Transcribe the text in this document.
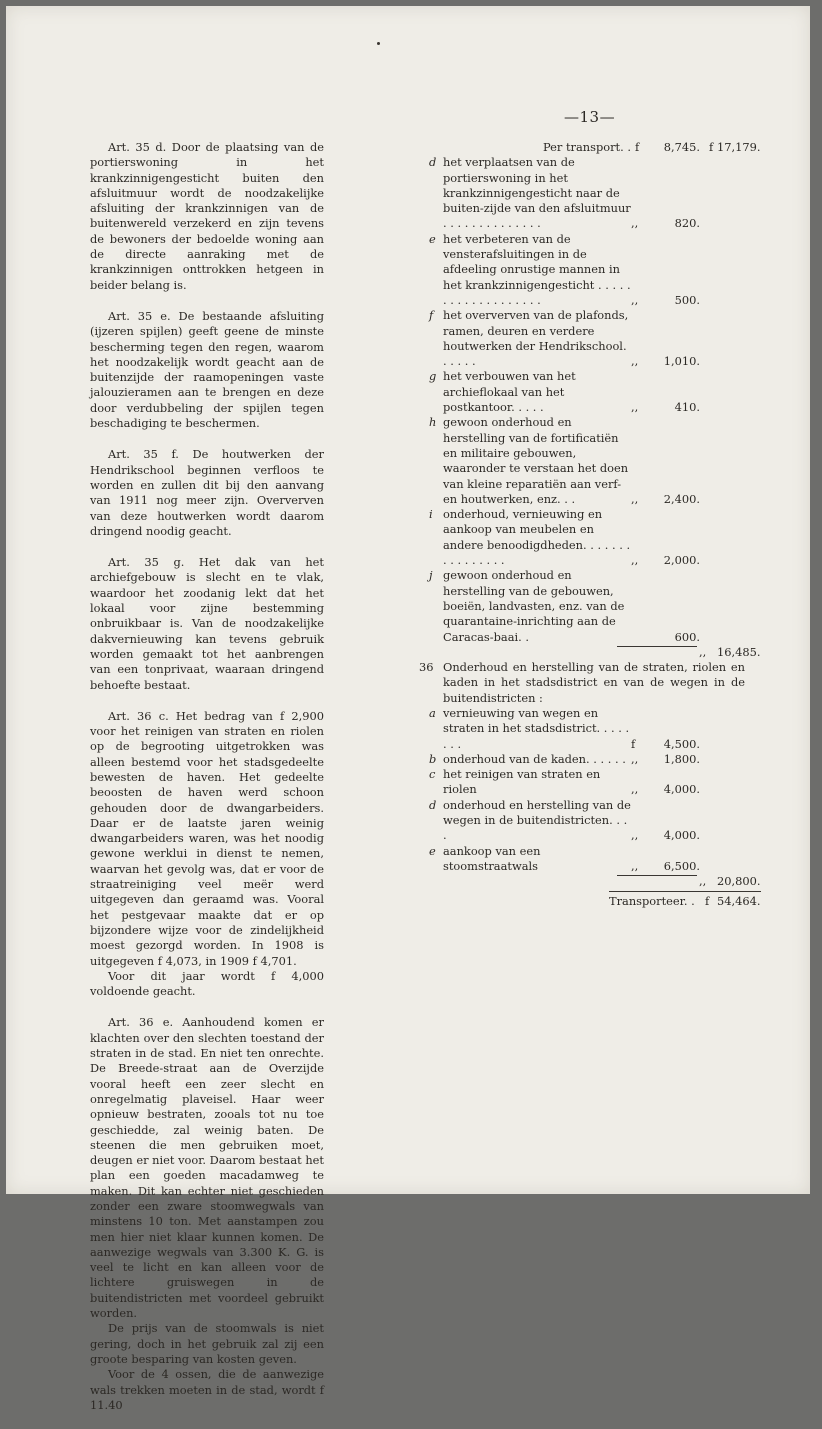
—13—

Art. 35 d. Door de plaatsing van de portierswoning in het krankzinnigengesticht buiten den afsluitmuur wordt de noodzakelijke afsluiting der krankzinnigen van de buitenwereld verzekerd en zijn tevens de bewoners der bedoelde woning aan de directe aanraking met de krankzinnigen onttrokken hetgeen in beider belang is.

Art. 35 e. De bestaande afsluiting (ijzeren spijlen) geeft geene de minste bescherming tegen den regen, waarom het noodzakelijk wordt geacht aan de buitenzijde der raamopeningen vaste jalouzieramen aan te brengen en deze door verdubbeling der spijlen tegen beschadiging te beschermen.

Art. 35 f. De houtwerken der Hendrikschool beginnen verfloos te worden en zullen dit bij den aanvang van 1911 nog meer zijn. Oververven van deze houtwerken wordt daarom dringend noodig geacht.

Art. 35 g. Het dak van het archiefgebouw is slecht en te vlak, waardoor het zoodanig lekt dat het lokaal voor zijne bestemming onbruikbaar is. Van de noodzakelijke dakvernieuwing kan tevens gebruik worden gemaakt tot het aanbrengen van een tonprivaat, waaraan dringend behoefte bestaat.

Art. 36 c. Het bedrag van f 2,900 voor het reinigen van straten en riolen op de begrooting uitgetrokken was alleen bestemd voor het stadsgedeelte bewesten de haven. Het gedeelte beoosten de haven werd schoon gehouden door de dwangarbeiders. Daar er de laatste jaren weinig dwangarbeiders waren, was het noodig gewone werklui in dienst te nemen, waarvan het gevolg was, dat er voor de straatreiniging veel meër werd uitgegeven dan geraamd was. Vooral het pestgevaar maakte dat er op bijzondere wijze voor de zindelijkheid moest gezorgd worden. In 1908 is uitgegeven f 4,073, in 1909 f 4,701.

Voor dit jaar wordt f 4,000 voldoende geacht.

Art. 36 e. Aanhoudend komen er klachten over den slechten toestand der straten in de stad. En niet ten onrechte. De Breede-straat aan de Overzijde vooral heeft een zeer slecht en onregelmatig plaveisel. Haar weer opnieuw bestraten, zooals tot nu toe geschiedde, zal weinig baten. De steenen die men gebruiken moet, deugen er niet voor. Daarom bestaat het plan een goeden macadamweg te maken. Dit kan echter niet geschieden zonder een zware stoomwegwals van minstens 10 ton. Met aanstampen zou men hier niet klaar kunnen komen. De aanwezige wegwals van 3.300 K. G. is veel te licht en kan alleen voor de lichtere gruiswegen in de buitendistricten met voordeel gebruikt worden.

De prijs van de stoomwals is niet gering, doch in het gebruik zal zij een groote besparing van kosten geven.

Voor de 4 ossen, die de aanwezige wals trekken moeten in de stad, wordt f 11.40

Per transport. . f	8,745. f 17,179.
d het verplaatsen van de portierswoning in het krankzinnigengesticht naar de buiten-zijde van den afsluitmuur . . . . . . . . . . . . . .	,,	820.
e het verbeteren van de vensterafsluitingen in de afdeeling onrustige mannen in het krankzinnigengesticht . . . . . . . . . . . . . . . . . . .	,,	500.
f het oververven van de plafonds, ramen, deuren en verdere houtwerken der Hendrikschool. . . . . .	,,	1,010.
g het verbouwen van het archieflokaal van het postkantoor. . . . .	,,	410.
h gewoon onderhoud en herstelling van de fortificatiën en militaire gebouwen, waaronder te verstaan het doen van kleine reparatiën aan verf- en houtwerken, enz. . .	,,	2,400.
i onderhoud, vernieuwing en aankoop van meubelen en andere benoodigdheden. . . . . . . . . . . . . . . .	,,	2,000.
j gewoon onderhoud en herstelling van de gebouwen, boeiën, landvasten, enz. van de quarantaine-inrichting aan de Caracas-baai. .	600.
,, 16,485.
36 Onderhoud en herstelling van de straten, riolen en kaden in het stadsdistrict en van de wegen in de buitendistricten :
a vernieuwing van wegen en straten in het stadsdistrict. . . . . . . .	f	4,500.
b onderhoud van de kaden. . . . . . ,,	1,800.
c het reinigen van straten en riolen	,,	4,000.
d onderhoud en herstelling van de wegen in de buitendistricten. . . .	,,	4,000.
e aankoop van een stoomstraatwals	,,	6,500.
,, 20,800.
Transporteer. . f 54,464.
